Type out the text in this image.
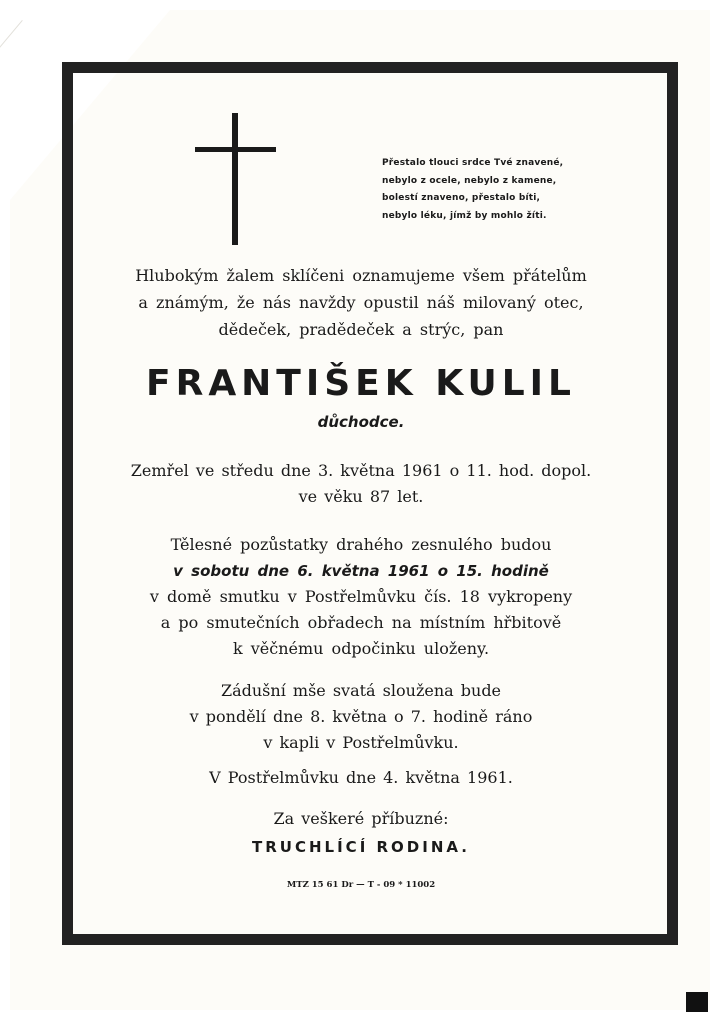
Přestalo tlouci srdce Tvé znavené,
nebylo z ocele, nebylo z kamene,
bolestí znaveno, přestalo bíti,
nebylo léku, jímž by mohlo žíti.
Hlubokým žalem sklíčeni oznamujeme všem přátelům
a známým, že nás navždy opustil náš milovaný otec,
dědeček, pradědeček a strýc, pan
FRANTIŠEK KULIL
důchodce.
Zemřel ve středu dne 3. května 1961 o 11. hod. dopol.
ve věku 87 let.
Tělesné pozůstatky drahého zesnulého budou
v sobotu dne 6. května 1961 o 15. hodině
v domě smutku v Postřelmůvku čís. 18 vykropeny
a po smutečních obřadech na místním hřbitově
k věčnému odpočinku uloženy.
Zádušní mše svatá sloužena bude
v pondělí dne 8. května o 7. hodině ráno
v kapli v Postřelmůvku.
V Postřelmůvku dne 4. května 1961.
Za veškeré příbuzné:
TRUCHLÍCÍ RODINA.
MTZ 15 61 Dr — T - 09 * 11002
